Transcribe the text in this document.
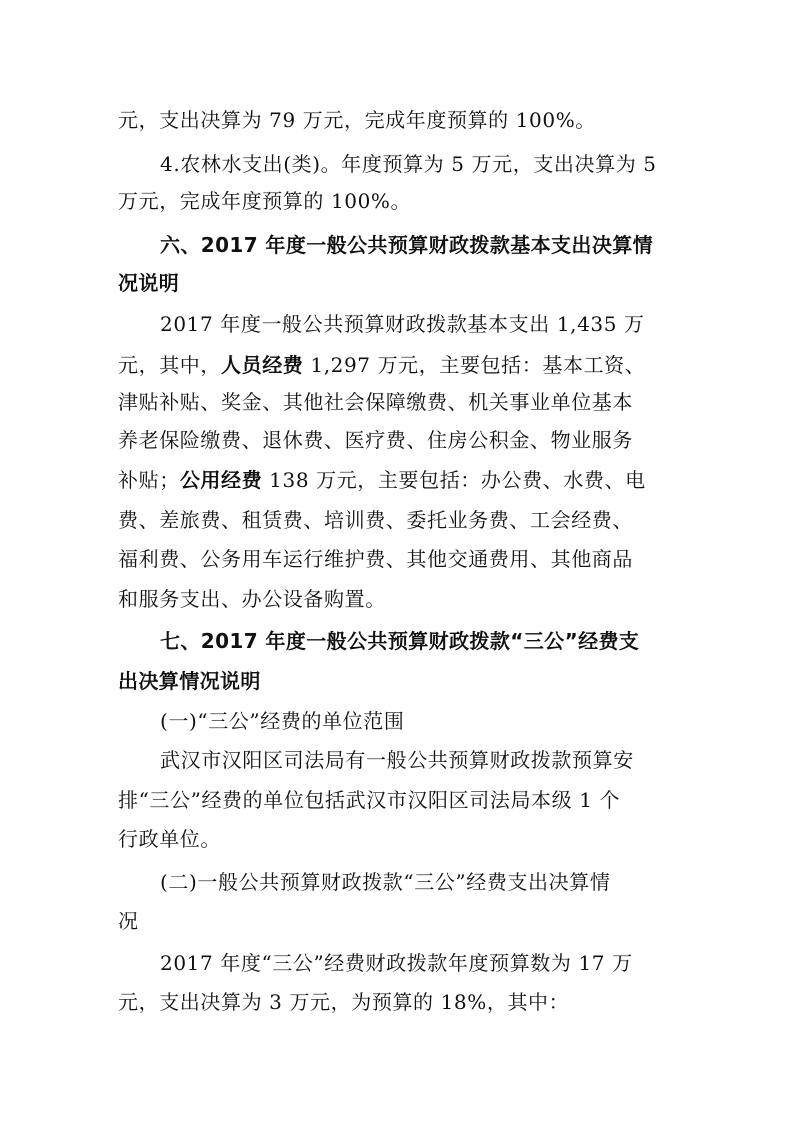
元，支出决算为 79 万元，完成年度预算的 100%。
4.农林水支出(类)。年度预算为 5 万元，支出决算为 5
万元，完成年度预算的 100%。
六、2017 年度一般公共预算财政拨款基本支出决算情
况说明
2017 年度一般公共预算财政拨款基本支出 1,435 万
元，其中，人员经费 1,297 万元，主要包括：基本工资、
津贴补贴、奖金、其他社会保障缴费、机关事业单位基本
养老保险缴费、退休费、医疗费、住房公积金、物业服务
补贴；公用经费 138 万元，主要包括：办公费、水费、电
费、差旅费、租赁费、培训费、委托业务费、工会经费、
福利费、公务用车运行维护费、其他交通费用、其他商品
和服务支出、办公设备购置。
七、2017 年度一般公共预算财政拨款“三公”经费支
出决算情况说明
(一)“三公”经费的单位范围
武汉市汉阳区司法局有一般公共预算财政拨款预算安
排“三公”经费的单位包括武汉市汉阳区司法局本级 1 个
行政单位。
(二)一般公共预算财政拨款“三公”经费支出决算情
况
2017 年度“三公”经费财政拨款年度预算数为 17 万
元，支出决算为 3 万元，为预算的 18%，其中：
